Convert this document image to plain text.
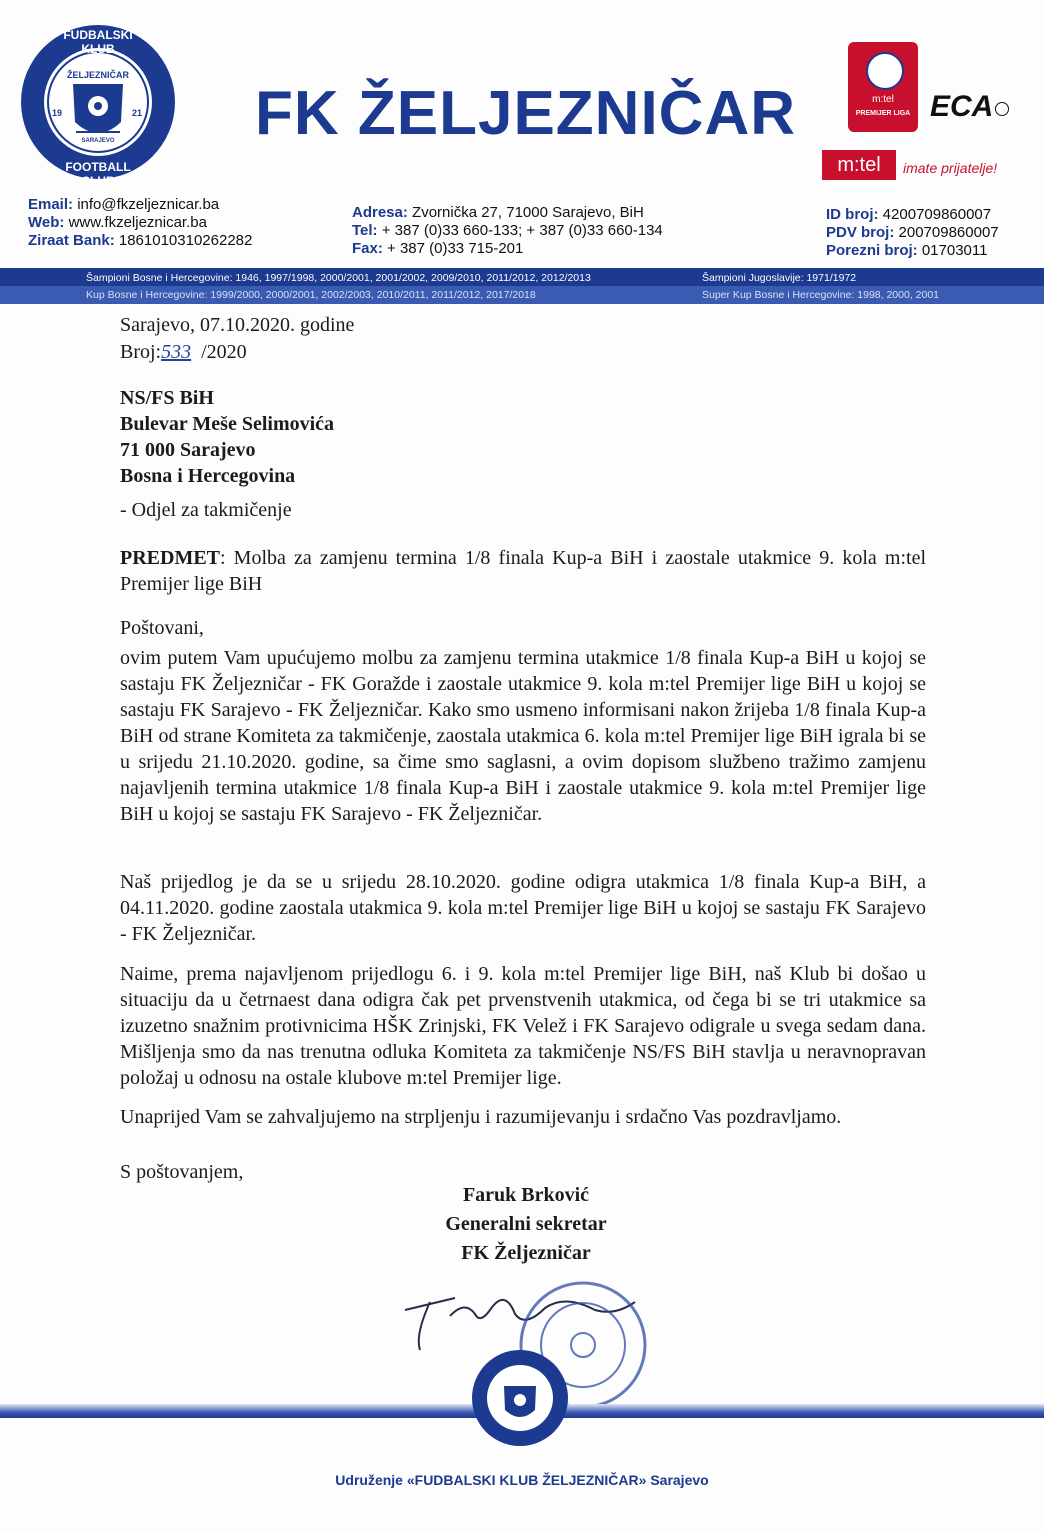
FUDBALSKI KLUB
ŽELJEZNIČAR
19	21
SARAJEVO
FOOTBALL CLUB
FK ŽELJEZNIČAR	m:tel
PREMIJER LIGA ECA
m:tel	imate prijatelje!
Email: info@fkzeljeznicar.ba
Web: www.fkzeljeznicar.ba
Ziraat Bank: 1861010310262282
Adresa: Zvornička 27, 71000 Sarajevo, BiH
Tel: + 387 (0)33 660-133; + 387 (0)33 660-134
Fax: + 387 (0)33 715-201
ID broj: 4200709860007
PDV broj: 200709860007
Porezni broj: 01703011
Šampioni Bosne i Hercegovine: 1946, 1997/1998, 2000/2001, 2001/2002, 2009/2010, 2011/2012, 2012/2013	Šampioni Jugoslavije: 1971/1972
Kup Bosne i Hercegovine: 1999/2000, 2000/2001, 2002/2003, 2010/2011, 2011/2012, 2017/2018	Super Kup Bosne i Hercegovine: 1998, 2000, 2001
Sarajevo, 07.10.2020. godine
Broj:533 /2020
NS/FS BiH
Bulevar Meše Selimovića
71 000 Sarajevo
Bosna i Hercegovina
- Odjel za takmičenje
PREDMET: Molba za zamjenu termina 1/8 finala Kup-a BiH i zaostale utakmice 9. kola m:tel Premijer lige BiH
Poštovani,
ovim putem Vam upućujemo molbu za zamjenu termina utakmice 1/8 finala Kup-a BiH u kojoj se sastaju FK Željezničar - FK Goražde i zaostale utakmice 9. kola m:tel Premijer lige BiH u kojoj se sastaju FK Sarajevo - FK Željezničar. Kako smo usmeno informisani nakon žrijeba 1/8 finala Kup-a BiH od strane Komiteta za takmičenje, zaostala utakmica 6. kola m:tel Premijer lige BiH igrala bi se u srijedu 21.10.2020. godine, sa čime smo saglasni, a ovim dopisom službeno tražimo zamjenu najavljenih termina utakmice 1/8 finala Kup-a BiH i zaostale utakmice 9. kola m:tel Premijer lige BiH u kojoj se sastaju FK Sarajevo - FK Željezničar.
Naš prijedlog je da se u srijedu 28.10.2020. godine odigra utakmica 1/8 finala Kup-a BiH, a 04.11.2020. godine zaostala utakmica 9. kola m:tel Premijer lige BiH u kojoj se sastaju FK Sarajevo - FK Željezničar.
Naime, prema najavljenom prijedlogu 6. i 9. kola m:tel Premijer lige BiH, naš Klub bi došao u situaciju da u četrnaest dana odigra čak pet prvenstvenih utakmica, od čega bi se tri utakmice sa izuzetno snažnim protivnicima HŠK Zrinjski, FK Velež i FK Sarajevo odigrale u svega sedam dana. Mišljenja smo da nas trenutna odluka Komiteta za takmičenje NS/FS BiH stavlja u neravnopravan položaj u odnosu na ostale klubove m:tel Premijer lige.
Unaprijed Vam se zahvaljujemo na strpljenju i razumijevanju i srdačno Vas pozdravljamo.
S poštovanjem,
Faruk Brković
Generalni sekretar
FK Željezničar
Udruženje «FUDBALSKI KLUB ŽELJEZNIČAR» Sarajevo
